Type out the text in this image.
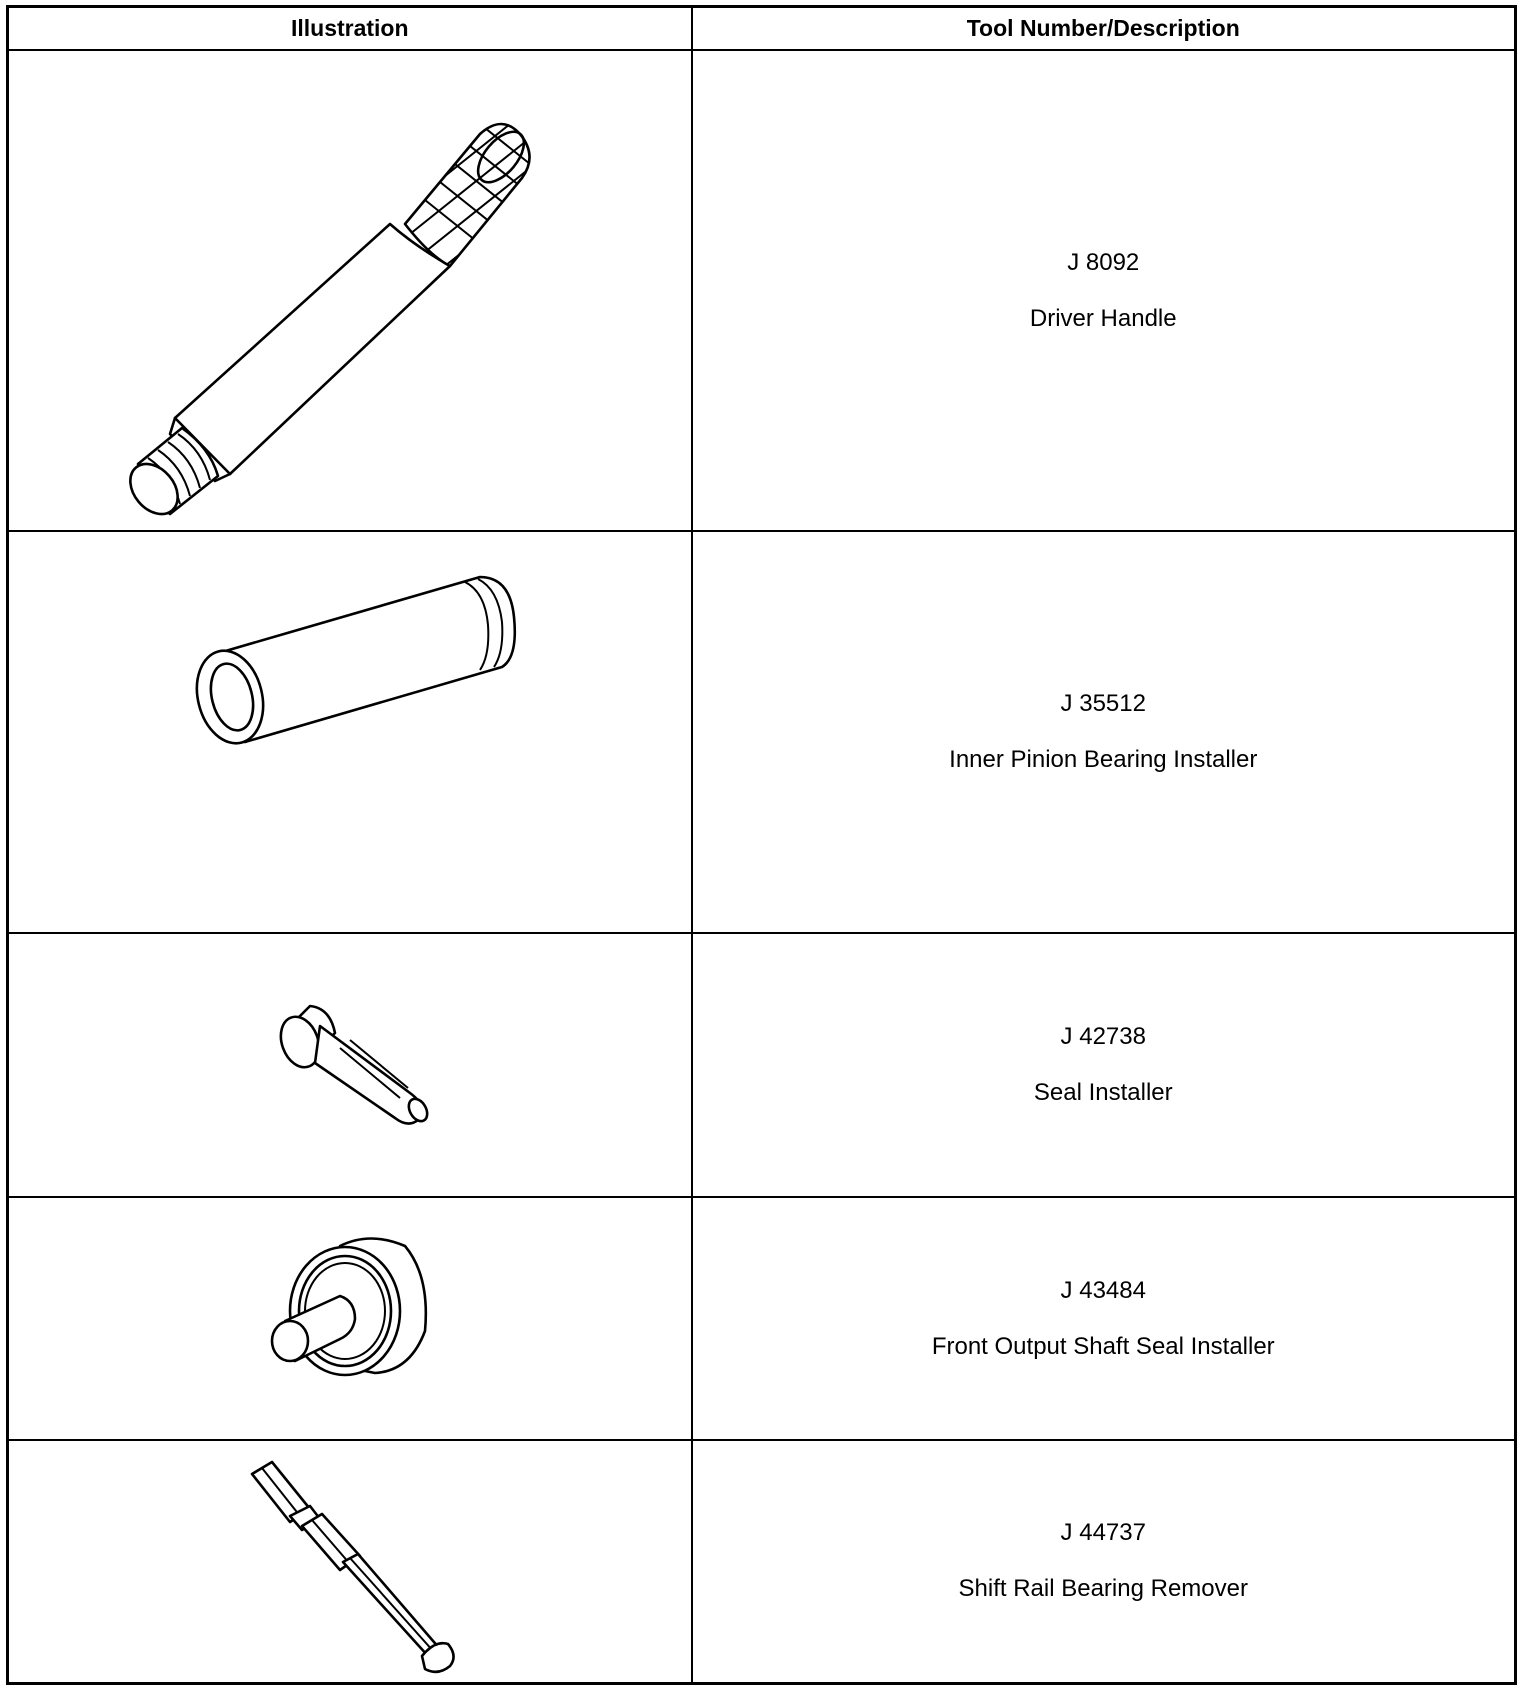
Illustration	Tool Number/Description

J 8092
Driver Handle

J 35512
Inner Pinion Bearing Installer

J 42738
Seal Installer

J 43484
Front Output Shaft Seal Installer

J 44737
Shift Rail Bearing Remover
